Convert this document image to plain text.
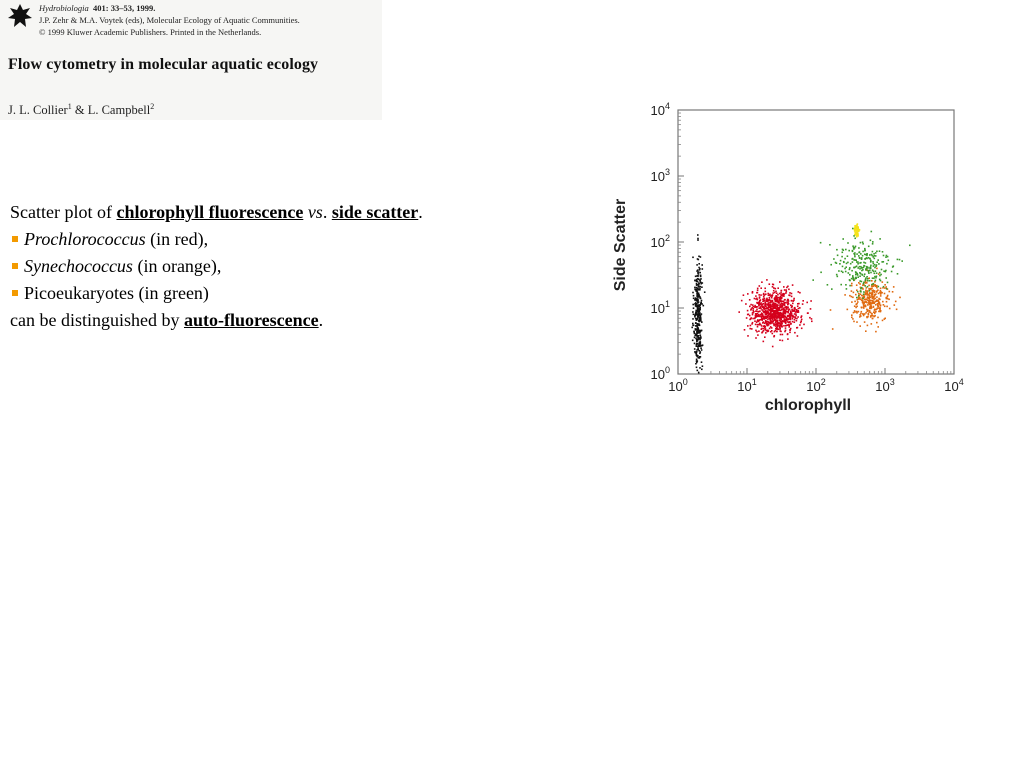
Hydrobiologia 401: 33–53, 1999.
J.P. Zehr & M.A. Voytek (eds), Molecular Ecology of Aquatic Communities.
© 1999 Kluwer Academic Publishers. Printed in the Netherlands.
Flow cytometry in molecular aquatic ecology
J. L. Collier$^1$ & L. Campbell$^2$
Scatter plot of chlorophyll fluorescence vs. side scatter.
Prochlorococcus (in red),
Synechococcus (in orange),
Picoeukaryotes (in green)
can be distinguished by auto-fluorescence.
$10^0$	$10^1$	$10^2$	$10^3$	$10^4$
$10^0$
$10^1$
$10^2$
$10^3$
$10^4$
chlorophyll
Side Scatter
